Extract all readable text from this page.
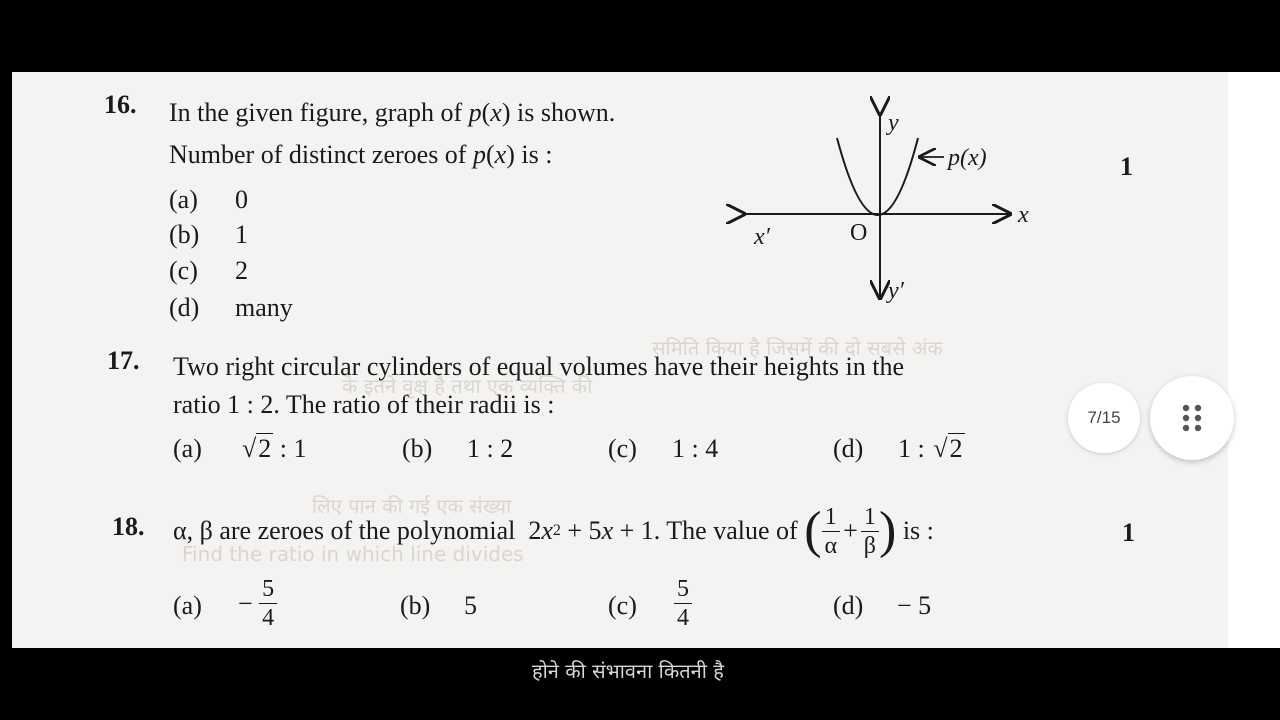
समिति किया है जिसमें की दो सबसे अंक
के इतने वृक्ष है तथा एक व्यक्ति की
लिए पान की गई एक संख्या
Find the ratio in which line divides
होने की संभावना कितनी है
16. In the given figure, graph of p(x) is shown.
Number of distinct zeroes of p(x) is :	1
(a) 0
(b) 1
(c) 2
(d) many
y
y′
x
x′	O
p(x)
17. Two right circular cylinders of equal volumes have their heights in the
ratio 1 : 2. The ratio of their radii is :
(a) √2 : 1	(b) 1 : 2	(c) 1 : 4	(d) 1 : √2
18. α, β are zeroes of the polynomial  2 x 2 + 5 x + 1. The value of ( $\frac{1}{\alpha} + \frac{1}{\beta}$ ) is :	1
$(a) - \frac{5}{4}$	(b) 5	$(c) \frac{5}{4}$	(d) − 5
7/15
